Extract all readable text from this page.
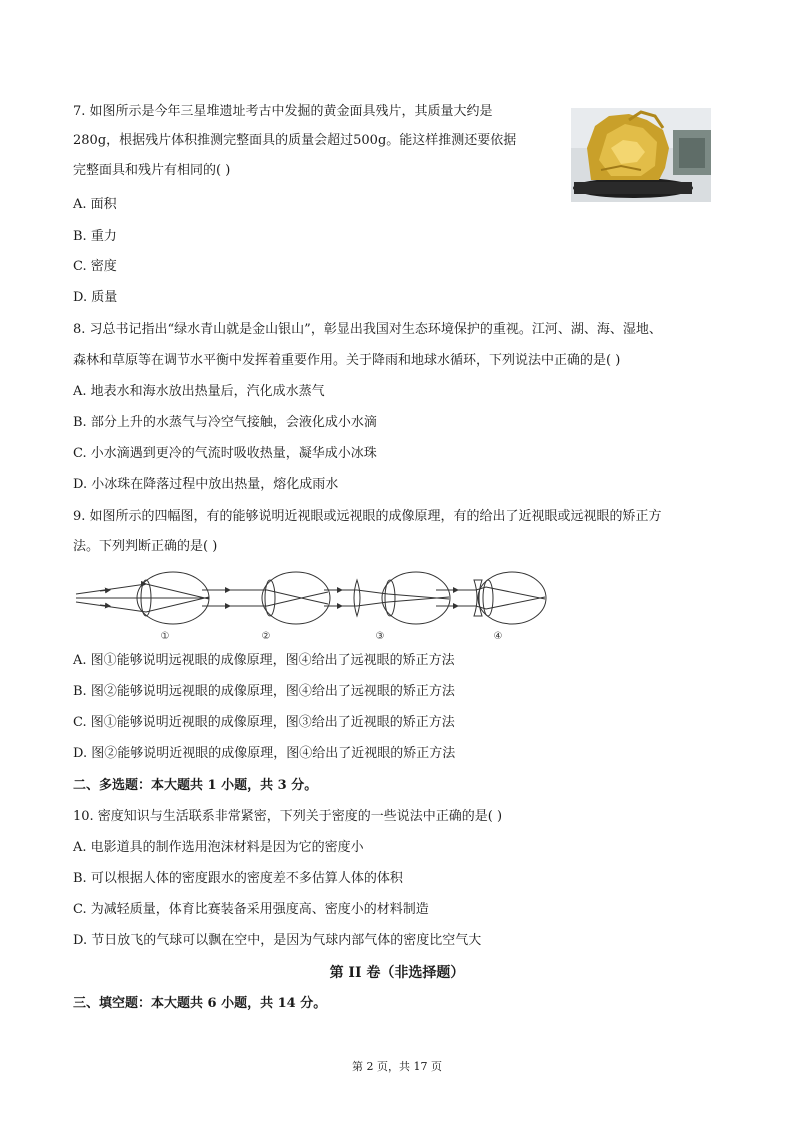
7. 如图所示是今年三星堆遗址考古中发掘的黄金面具残片，其质量大约是
280g，根据残片体积推测完整面具的质量会超过500g。能这样推测还要依据
完整面具和残片有相同的( )
A. 面积
B. 重力
C. 密度
D. 质量
8. 习总书记指出“绿水青山就是金山银山”，彰显出我国对生态环境保护的重视。江河、湖、海、湿地、
森林和草原等在调节水平衡中发挥着重要作用。关于降雨和地球水循环，下列说法中正确的是( )
A. 地表水和海水放出热量后，汽化成水蒸气
B. 部分上升的水蒸气与冷空气接触，会液化成小水滴
C. 小水滴遇到更冷的气流时吸收热量，凝华成小冰珠
D. 小冰珠在降落过程中放出热量，熔化成雨水
9. 如图所示的四幅图，有的能够说明近视眼或远视眼的成像原理，有的给出了近视眼或远视眼的矫正方
法。下列判断正确的是( )
①	②	③	④
A. 图①能够说明远视眼的成像原理，图④给出了远视眼的矫正方法
B. 图②能够说明远视眼的成像原理，图④给出了远视眼的矫正方法
C. 图①能够说明近视眼的成像原理，图③给出了近视眼的矫正方法
D. 图②能够说明近视眼的成像原理，图④给出了近视眼的矫正方法
二、多选题：本大题共 1 小题，共 3 分。
10. 密度知识与生活联系非常紧密，下列关于密度的一些说法中正确的是( )
A. 电影道具的制作选用泡沫材料是因为它的密度小
B. 可以根据人体的密度跟水的密度差不多估算人体的体积
C. 为减轻质量，体育比赛装备采用强度高、密度小的材料制造
D. 节日放飞的气球可以飘在空中，是因为气球内部气体的密度比空气大
第 II 卷（非选择题）
三、填空题：本大题共 6 小题，共 14 分。
第 2 页，共 17 页
